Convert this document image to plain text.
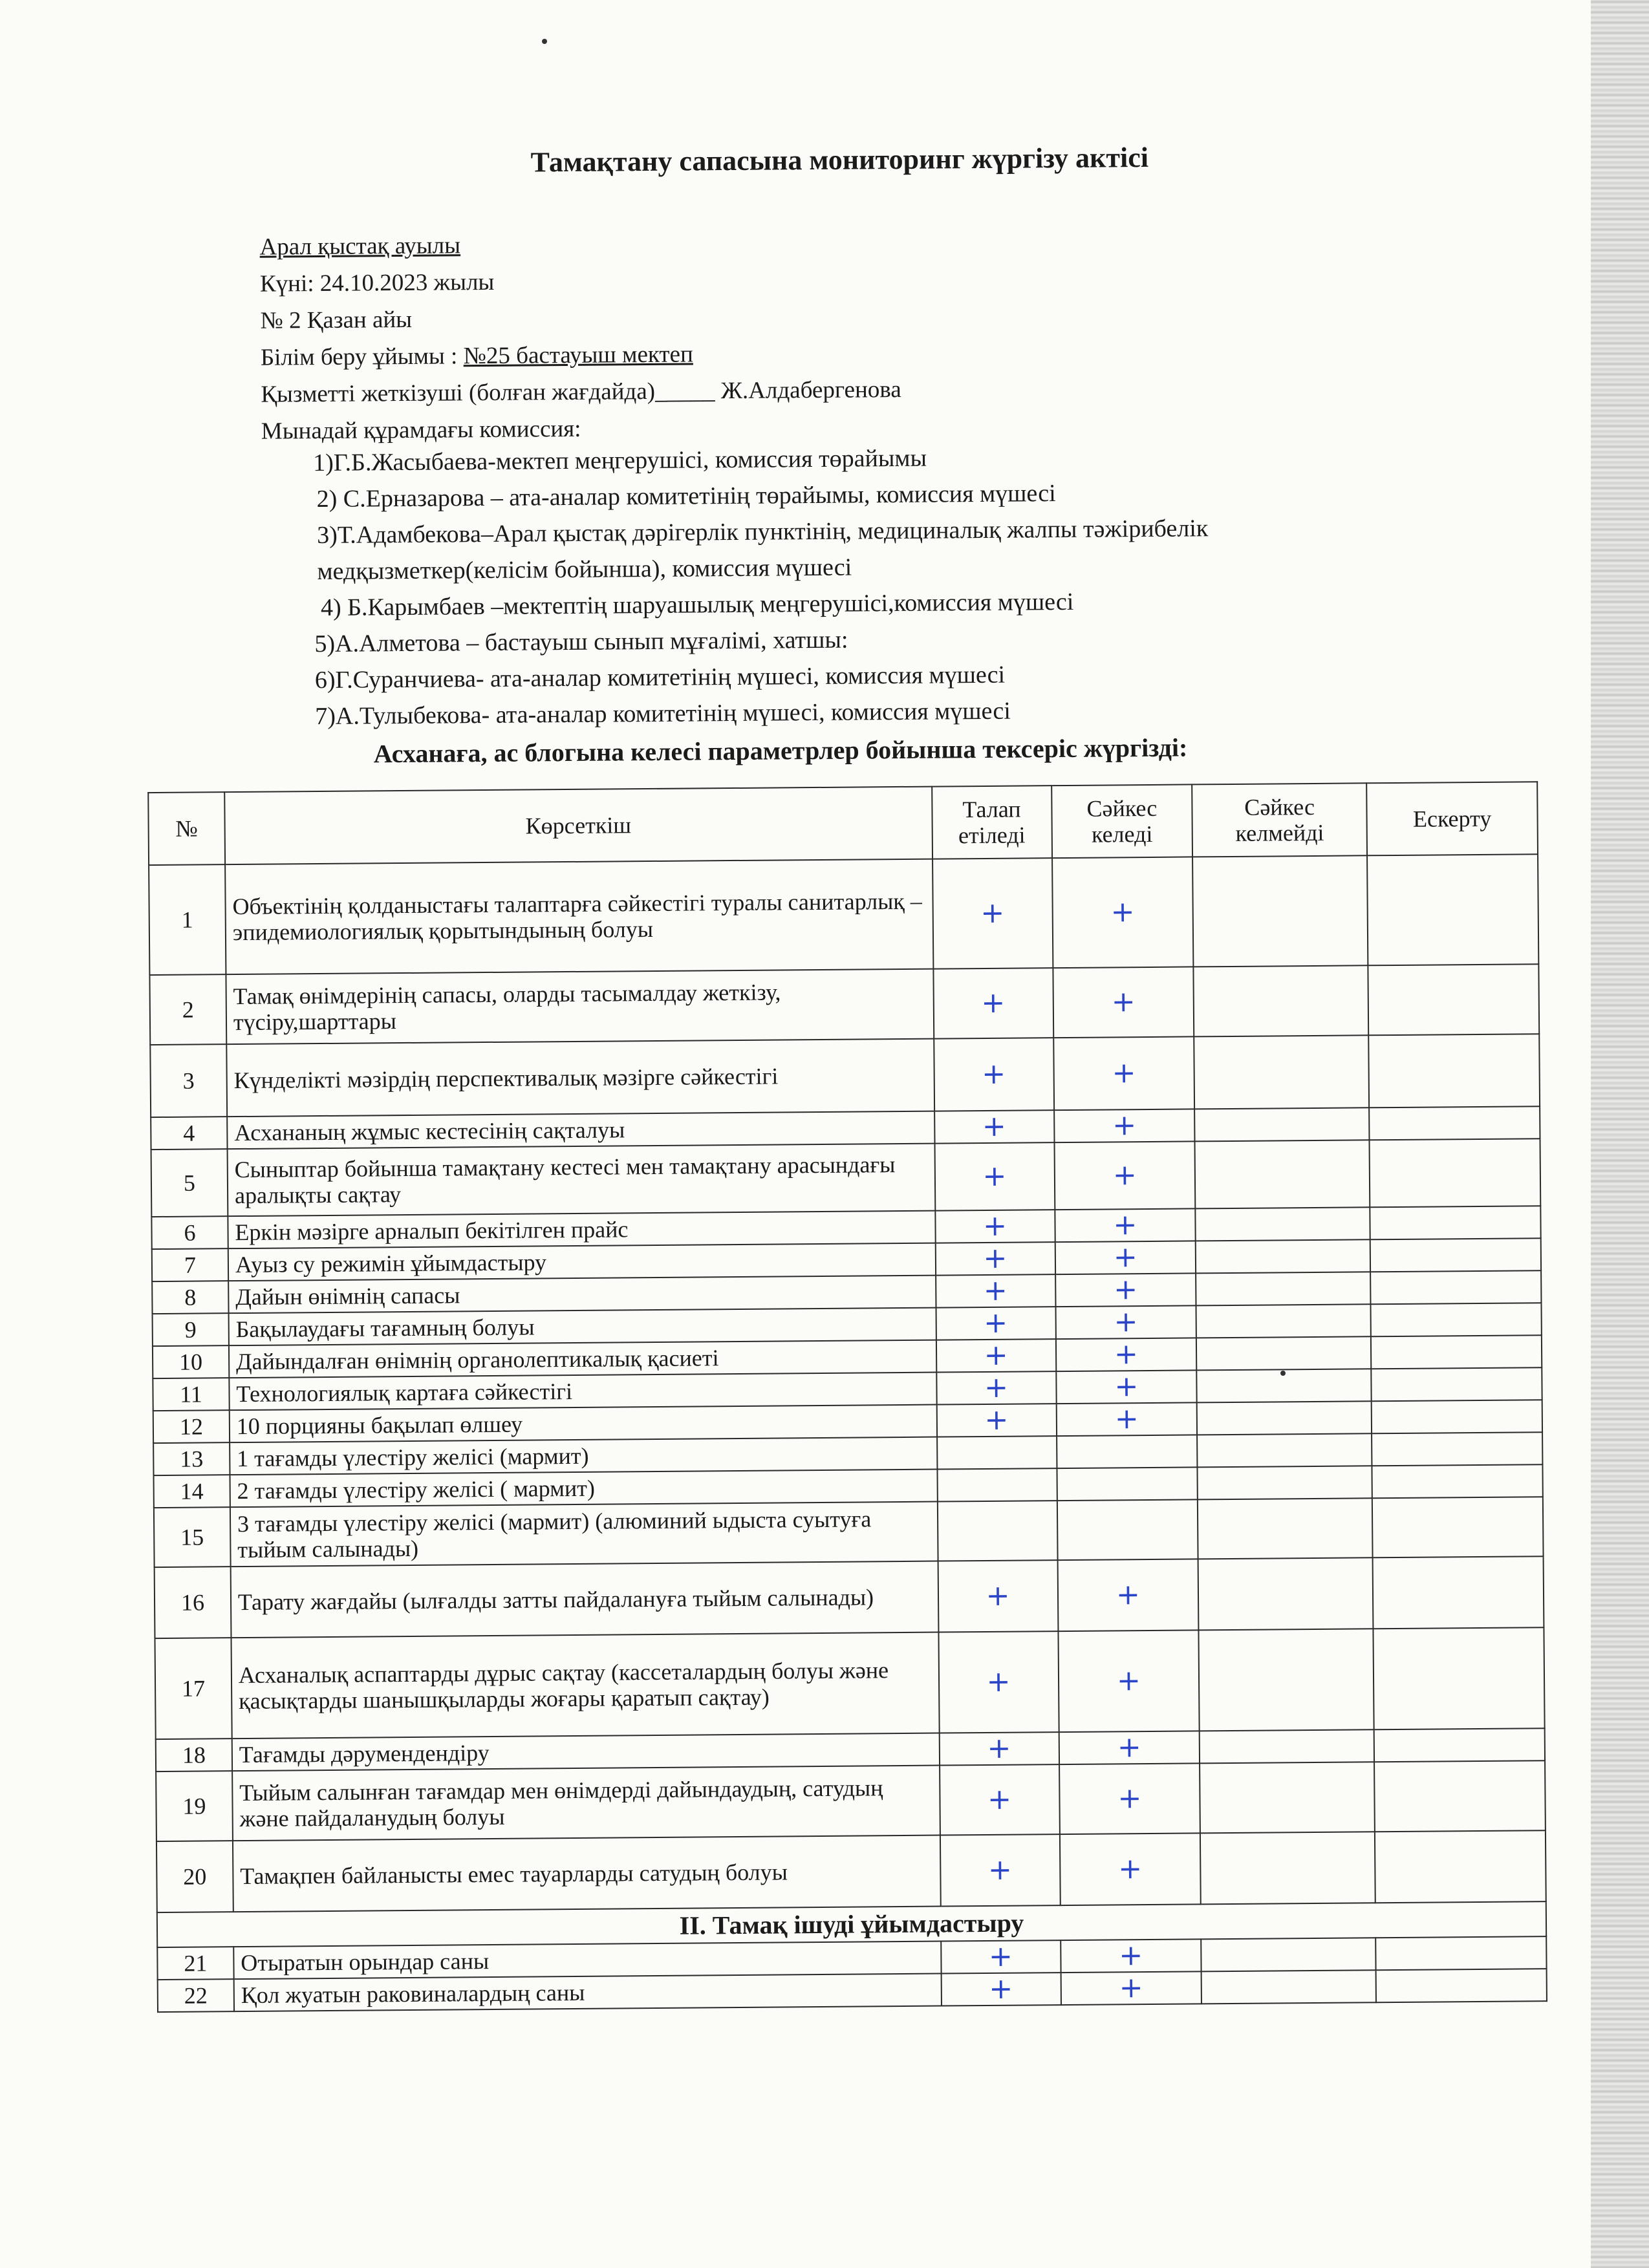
Тамақтану сапасына мониторинг жүргізу актісі
Арал қыстақ ауылы
Күні: 24.10.2023 жылы
№ 2 Қазан айы
Білім беру ұйымы : №25 бастауыш мектеп
Қызметті жеткізуші (болған жағдайда)_____ Ж.Алдабергенова
Мынадай құрамдағы комиссия:
1)Г.Б.Жасыбаева-мектеп меңгерушісі, комиссия төрайымы
2) С.Ерназарова – ата-аналар комитетінің төрайымы, комиссия мүшесі
3)Т.Адамбекова–Арал қыстақ дәрігерлік пунктінің, медициналық жалпы тәжірибелік
медқызметкер(келісім бойынша), комиссия мүшесі
4) Б.Карымбаев –мектептің шаруашылық меңгерушісі,комиссия мүшесі
5)А.Алметова – бастауыш сынып мұғалімі, хатшы:
6)Г.Суранчиева- ата-аналар комитетінің мүшесі, комиссия мүшесі
7)А.Тулыбекова- ата-аналар комитетінің мүшесі, комиссия мүшесі
Асханаға, ас блогына келесі параметрлер бойынша тексеріс жүргізді:
№	Көрсеткіш	Талап етіледі	Сәйкес келеді	Сәйкес келмейді	Ескерту
1	Объектінің қолданыстағы талаптарға сәйкестігі туралы санитарлық – эпидемиологиялық қорытындының болуы	+	+		
2	Тамақ өнімдерінің сапасы, оларды тасымалдау жеткізу, түсіру,шарттары	+	+		
3	Күнделікті мәзірдің перспективалық мәзірге сәйкестігі	+	+		
4	Асхананың жұмыс кестесінің сақталуы	+	+		
5	Сыныптар бойынша тамақтану кестесі мен тамақтану арасындағы аралықты сақтау	+	+		
6	Еркін мәзірге арналып бекітілген прайс	+	+		
7	Ауыз су режимін ұйымдастыру	+	+		
8	Дайын өнімнің сапасы	+	+		
9	Бақылаудағы тағамның болуы	+	+		
10	Дайындалған өнімнің органолептикалық қасиеті	+	+		
11	Технологиялық картаға сәйкестігі	+	+		
12	10 порцияны бақылап өлшеу	+	+		
13	1 тағамды үлестіру желісі (мармит)				
14	2 тағамды үлестіру желісі ( мармит)				
15	3 тағамды үлестіру желісі (мармит) (алюминий ыдыста суытуға тыйым салынады)				
16	Тарату жағдайы (ылғалды затты пайдалануға тыйым салынады)	+	+		
17	Асханалық аспаптарды дұрыс сақтау (кассеталардың болуы және қасықтарды шанышқыларды жоғары қаратып сақтау)	+	+		
18	Тағамды дәрумендендіру	+	+		
19	Тыйым салынған тағамдар мен өнімдерді дайындаудың, сатудың және пайдаланудың болуы	+	+		
20	Тамақпен байланысты емес тауарларды сатудың болуы	+	+		
II. Тамақ ішуді ұйымдастыру					
21	Отыратын орындар саны	+	+		
22	Қол жуатын раковиналардың саны	+	+		
